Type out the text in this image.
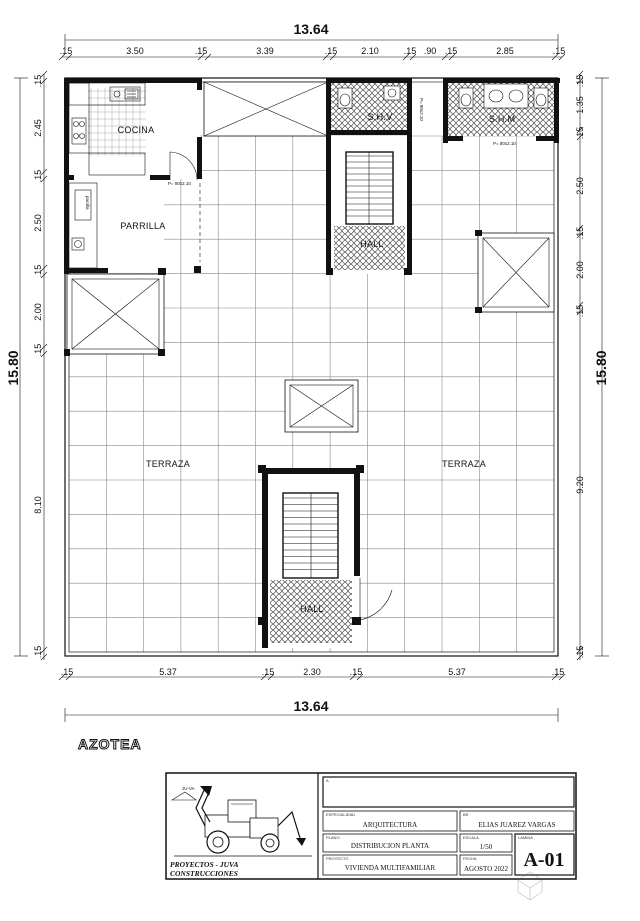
13.64
.15	3.50	.15	3.39	.15	2.10	.15 .90 .15	2.85	.15
.15	5.37	.15	2.30	.15	5.37	.15
13.64
15.80
.15
2.45
.15
2.50
.15
2.00
.15
8.10
.15
15.80
.15
1.35
.15
2.50
.15
2.00
.15
9.20
.15
P= 80x2.10
COCINA
parrilla
PARRILLA
S.H.V	P= 80x2.10	S.H.M
P= 80x2.10
HALL
HALL
TERRAZA	TERRAZA
AZOTEA
A
ESPECIALIDAD
ARQUITECTURA
PLANO
DISTRIBUCION PLANTA
PROYECTO
VIVIENDA MULTIFAMILIAR
BR
ELIAS JUAREZ VARGAS
ESCALA
1/50
FECHA
AGOSTO 2022
LAMINA
A-01
JU-VA
PROYECTOS - JUVA
CONSTRUCCIONES
